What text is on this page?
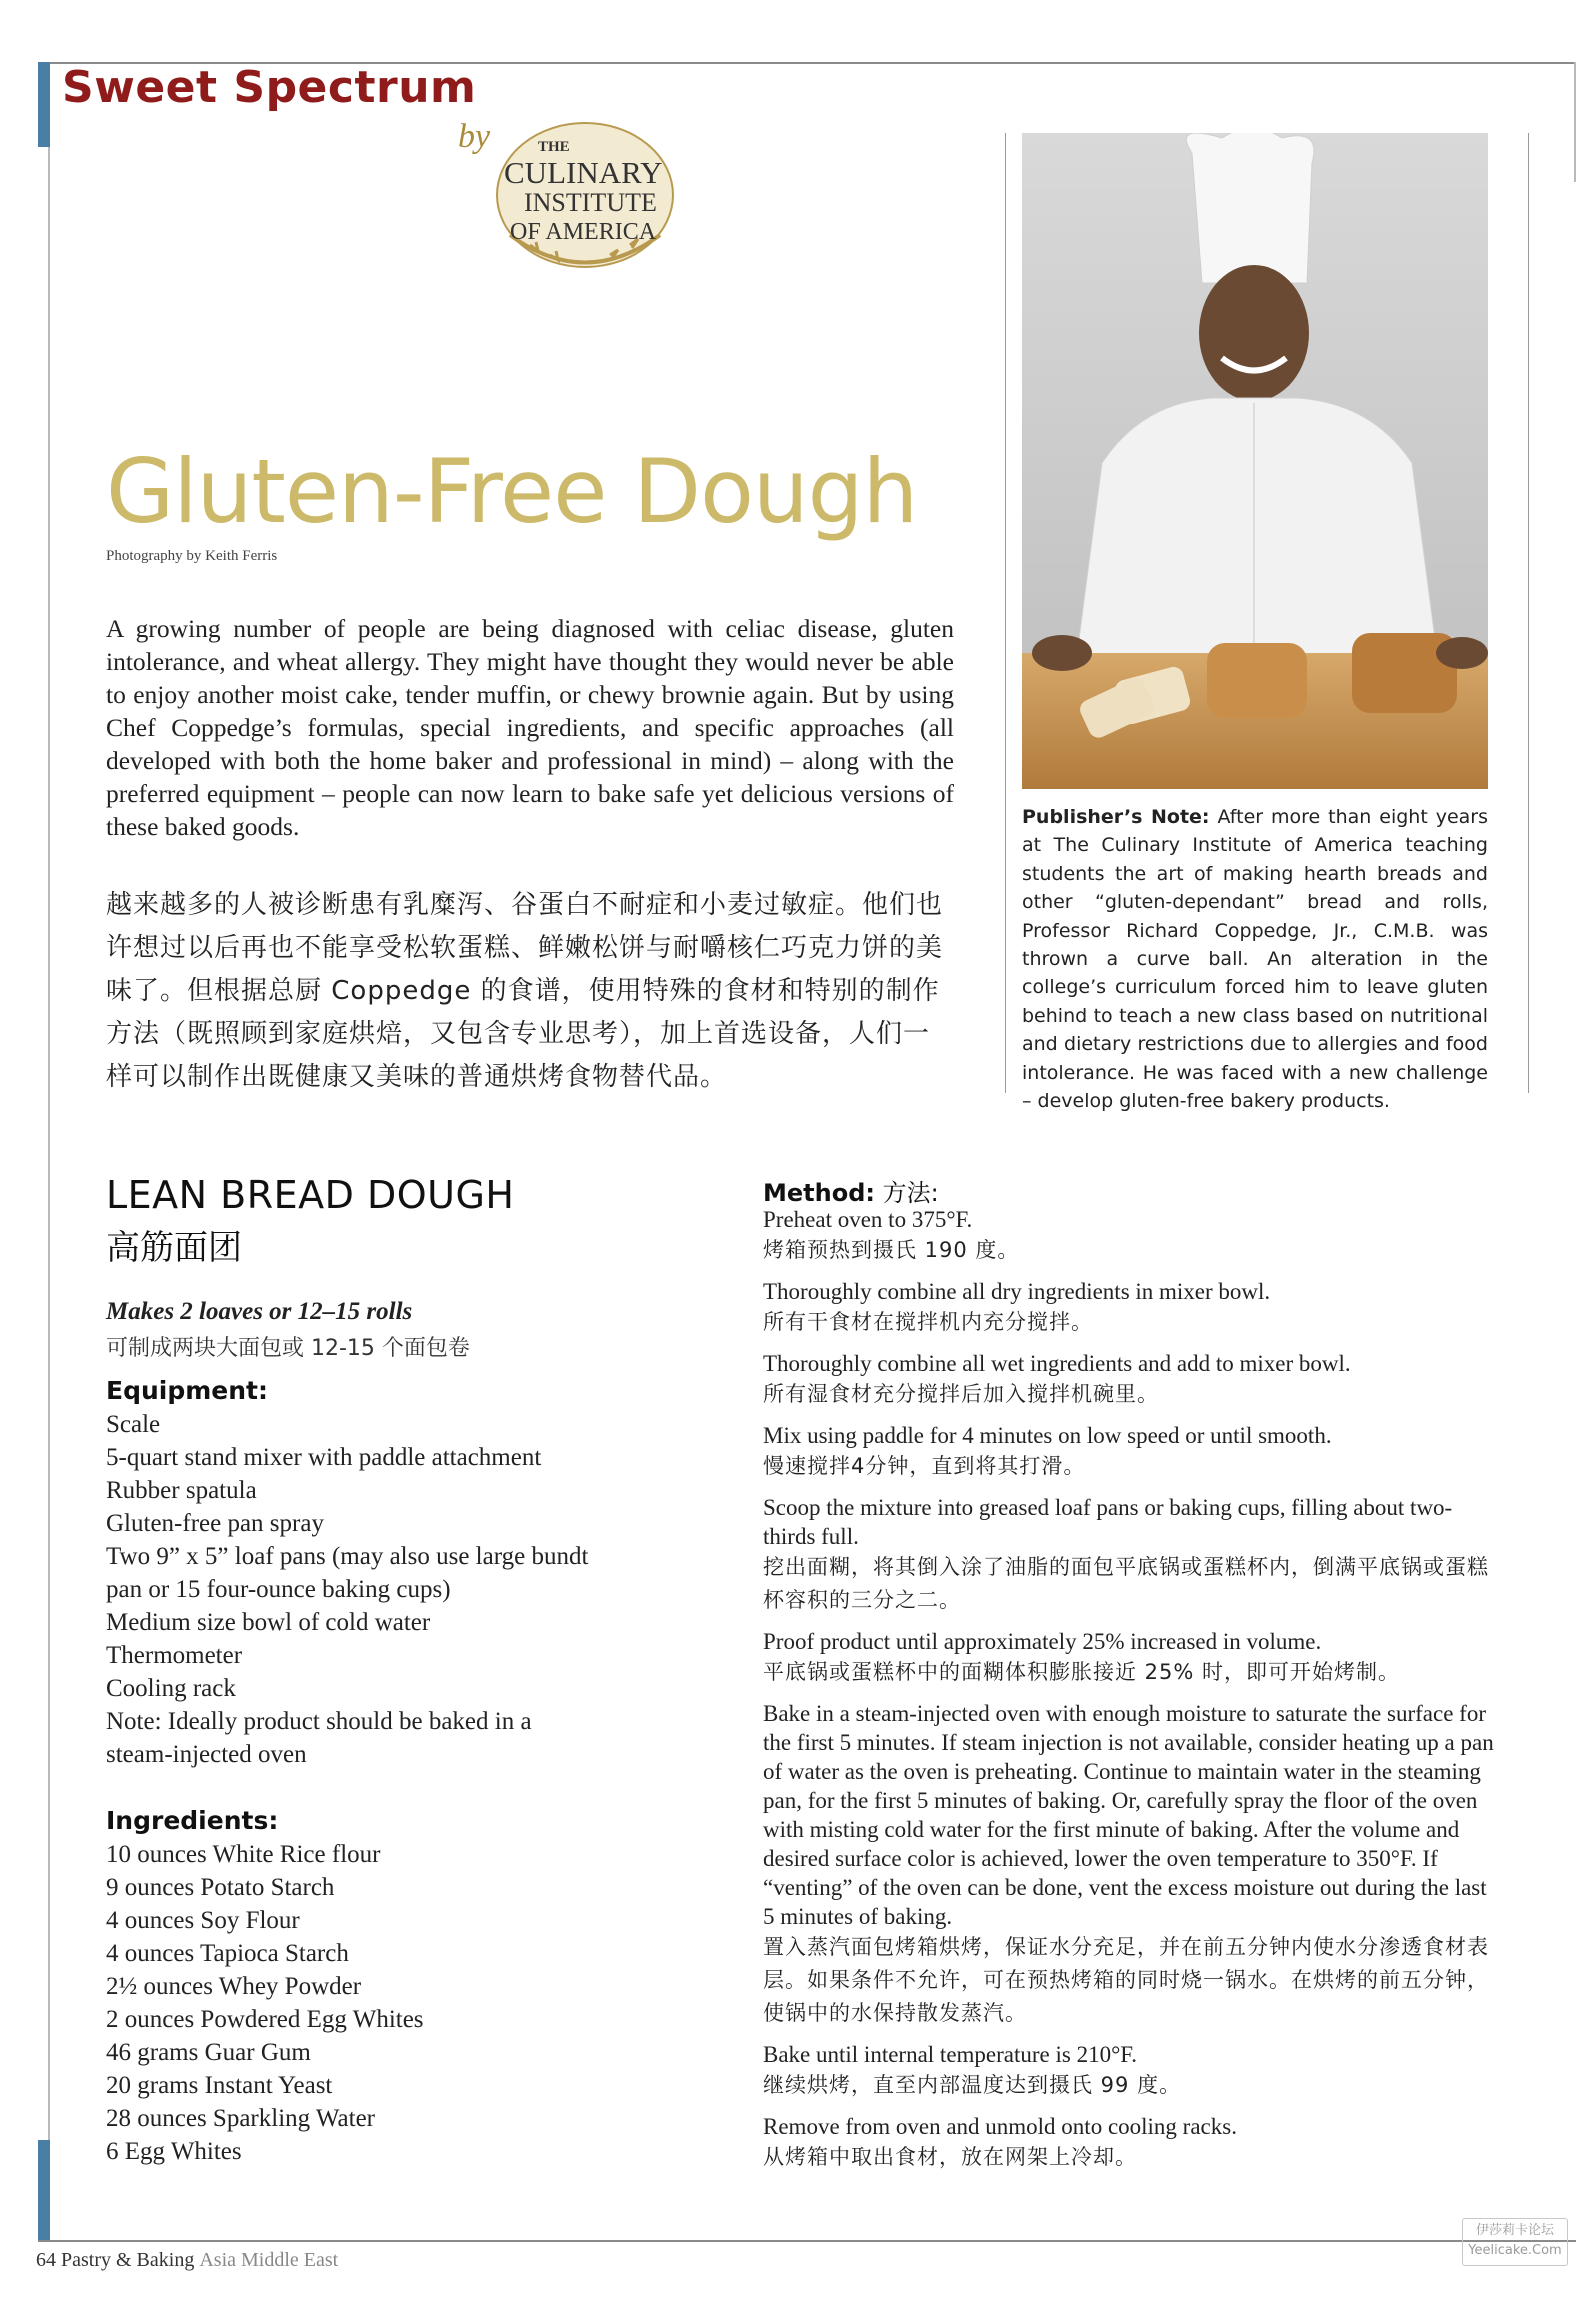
Sweet Spectrum
by	THE
CULINARY
INSTITUTE
OF AMERICA
Gluten-Free Dough
Photography by Keith Ferris
A growing number of people are being diagnosed with celiac disease, gluten intolerance, and wheat allergy. They might have thought they would never be able to enjoy another moist cake, tender muffin, or chewy brownie again. But by using Chef Coppedge’s formulas, special ingredients, and specific approaches (all developed with both the home baker and professional in mind) – along with the preferred equipment – people can now learn to bake safe yet delicious versions of these baked goods.
越来越多的人被诊断患有乳糜泻、谷蛋白不耐症和小麦过敏症。他们也许想过以后再也不能享受松软蛋糕、鲜嫩松饼与耐嚼核仁巧克力饼的美味了。但根据总厨 Coppedge 的食谱，使用特殊的食材和特别的制作方法（既照顾到家庭烘焙，又包含专业思考），加上首选设备，人们一样可以制作出既健康又美味的普通烘烤食物替代品。
Publisher’s Note: After more than eight years at The Culinary Institute of America teaching students the art of making hearth breads and other “gluten-dependant” bread and rolls, Professor Richard Coppedge, Jr., C.M.B. was thrown a curve ball. An alteration in the college’s curriculum forced him to leave gluten behind to teach a new class based on nutritional and dietary restrictions due to allergies and food intolerance. He was faced with a new challenge – develop gluten-free bakery products.
LEAN BREAD DOUGH
高筋面团
Makes 2 loaves or 12–15 rolls
可制成两块大面包或 12-15 个面包卷
Equipment:
Scale
5-quart stand mixer with paddle attachment
Rubber spatula
Gluten-free pan spray
Two 9” x 5” loaf pans (may also use large bundt
pan or 15 four-ounce baking cups)
Medium size bowl of cold water
Thermometer
Cooling rack
Note: Ideally product should be baked in a
steam-injected oven
Ingredients:
10 ounces White Rice flour
9 ounces Potato Starch
4 ounces Soy Flour
4 ounces Tapioca Starch
2½ ounces Whey Powder
2 ounces Powdered Egg Whites
46 grams Guar Gum
20 grams Instant Yeast
28 ounces Sparkling Water
6 Egg Whites
Method: 方法:
Preheat oven to 375°F.
烤箱预热到摄氏 190 度。
Thoroughly combine all dry ingredients in mixer bowl.
所有干食材在搅拌机内充分搅拌。
Thoroughly combine all wet ingredients and add to mixer bowl.
所有湿食材充分搅拌后加入搅拌机碗里。
Mix using paddle for 4 minutes on low speed or until smooth.
慢速搅拌4分钟，直到将其打滑。
Scoop the mixture into greased loaf pans or baking cups, filling about two-thirds full.
挖出面糊，将其倒入涂了油脂的面包平底锅或蛋糕杯内，倒满平底锅或蛋糕杯容积的三分之二。
Proof product until approximately 25% increased in volume.
平底锅或蛋糕杯中的面糊体积膨胀接近 25% 时，即可开始烤制。
Bake in a steam-injected oven with enough moisture to saturate the surface for the first 5 minutes. If steam injection is not available, consider heating up a pan of water as the oven is preheating. Continue to maintain water in the steaming pan, for the first 5 minutes of baking. Or, carefully spray the floor of the oven with misting cold water for the first minute of baking. After the volume and desired surface color is achieved, lower the oven temperature to 350°F. If “venting” of the oven can be done, vent the excess moisture out during the last 5 minutes of baking.
置入蒸汽面包烤箱烘烤，保证水分充足，并在前五分钟内使水分渗透食材表层。如果条件不允许，可在预热烤箱的同时烧一锅水。在烘烤的前五分钟，使锅中的水保持散发蒸汽。
Bake until internal temperature is 210°F.
继续烘烤，直至内部温度达到摄氏 99 度。
Remove from oven and unmold onto cooling racks.
从烤箱中取出食材，放在网架上冷却。
64 Pastry & Baking Asia Middle East
伊莎莉卡论坛
Yeelicake.Com
